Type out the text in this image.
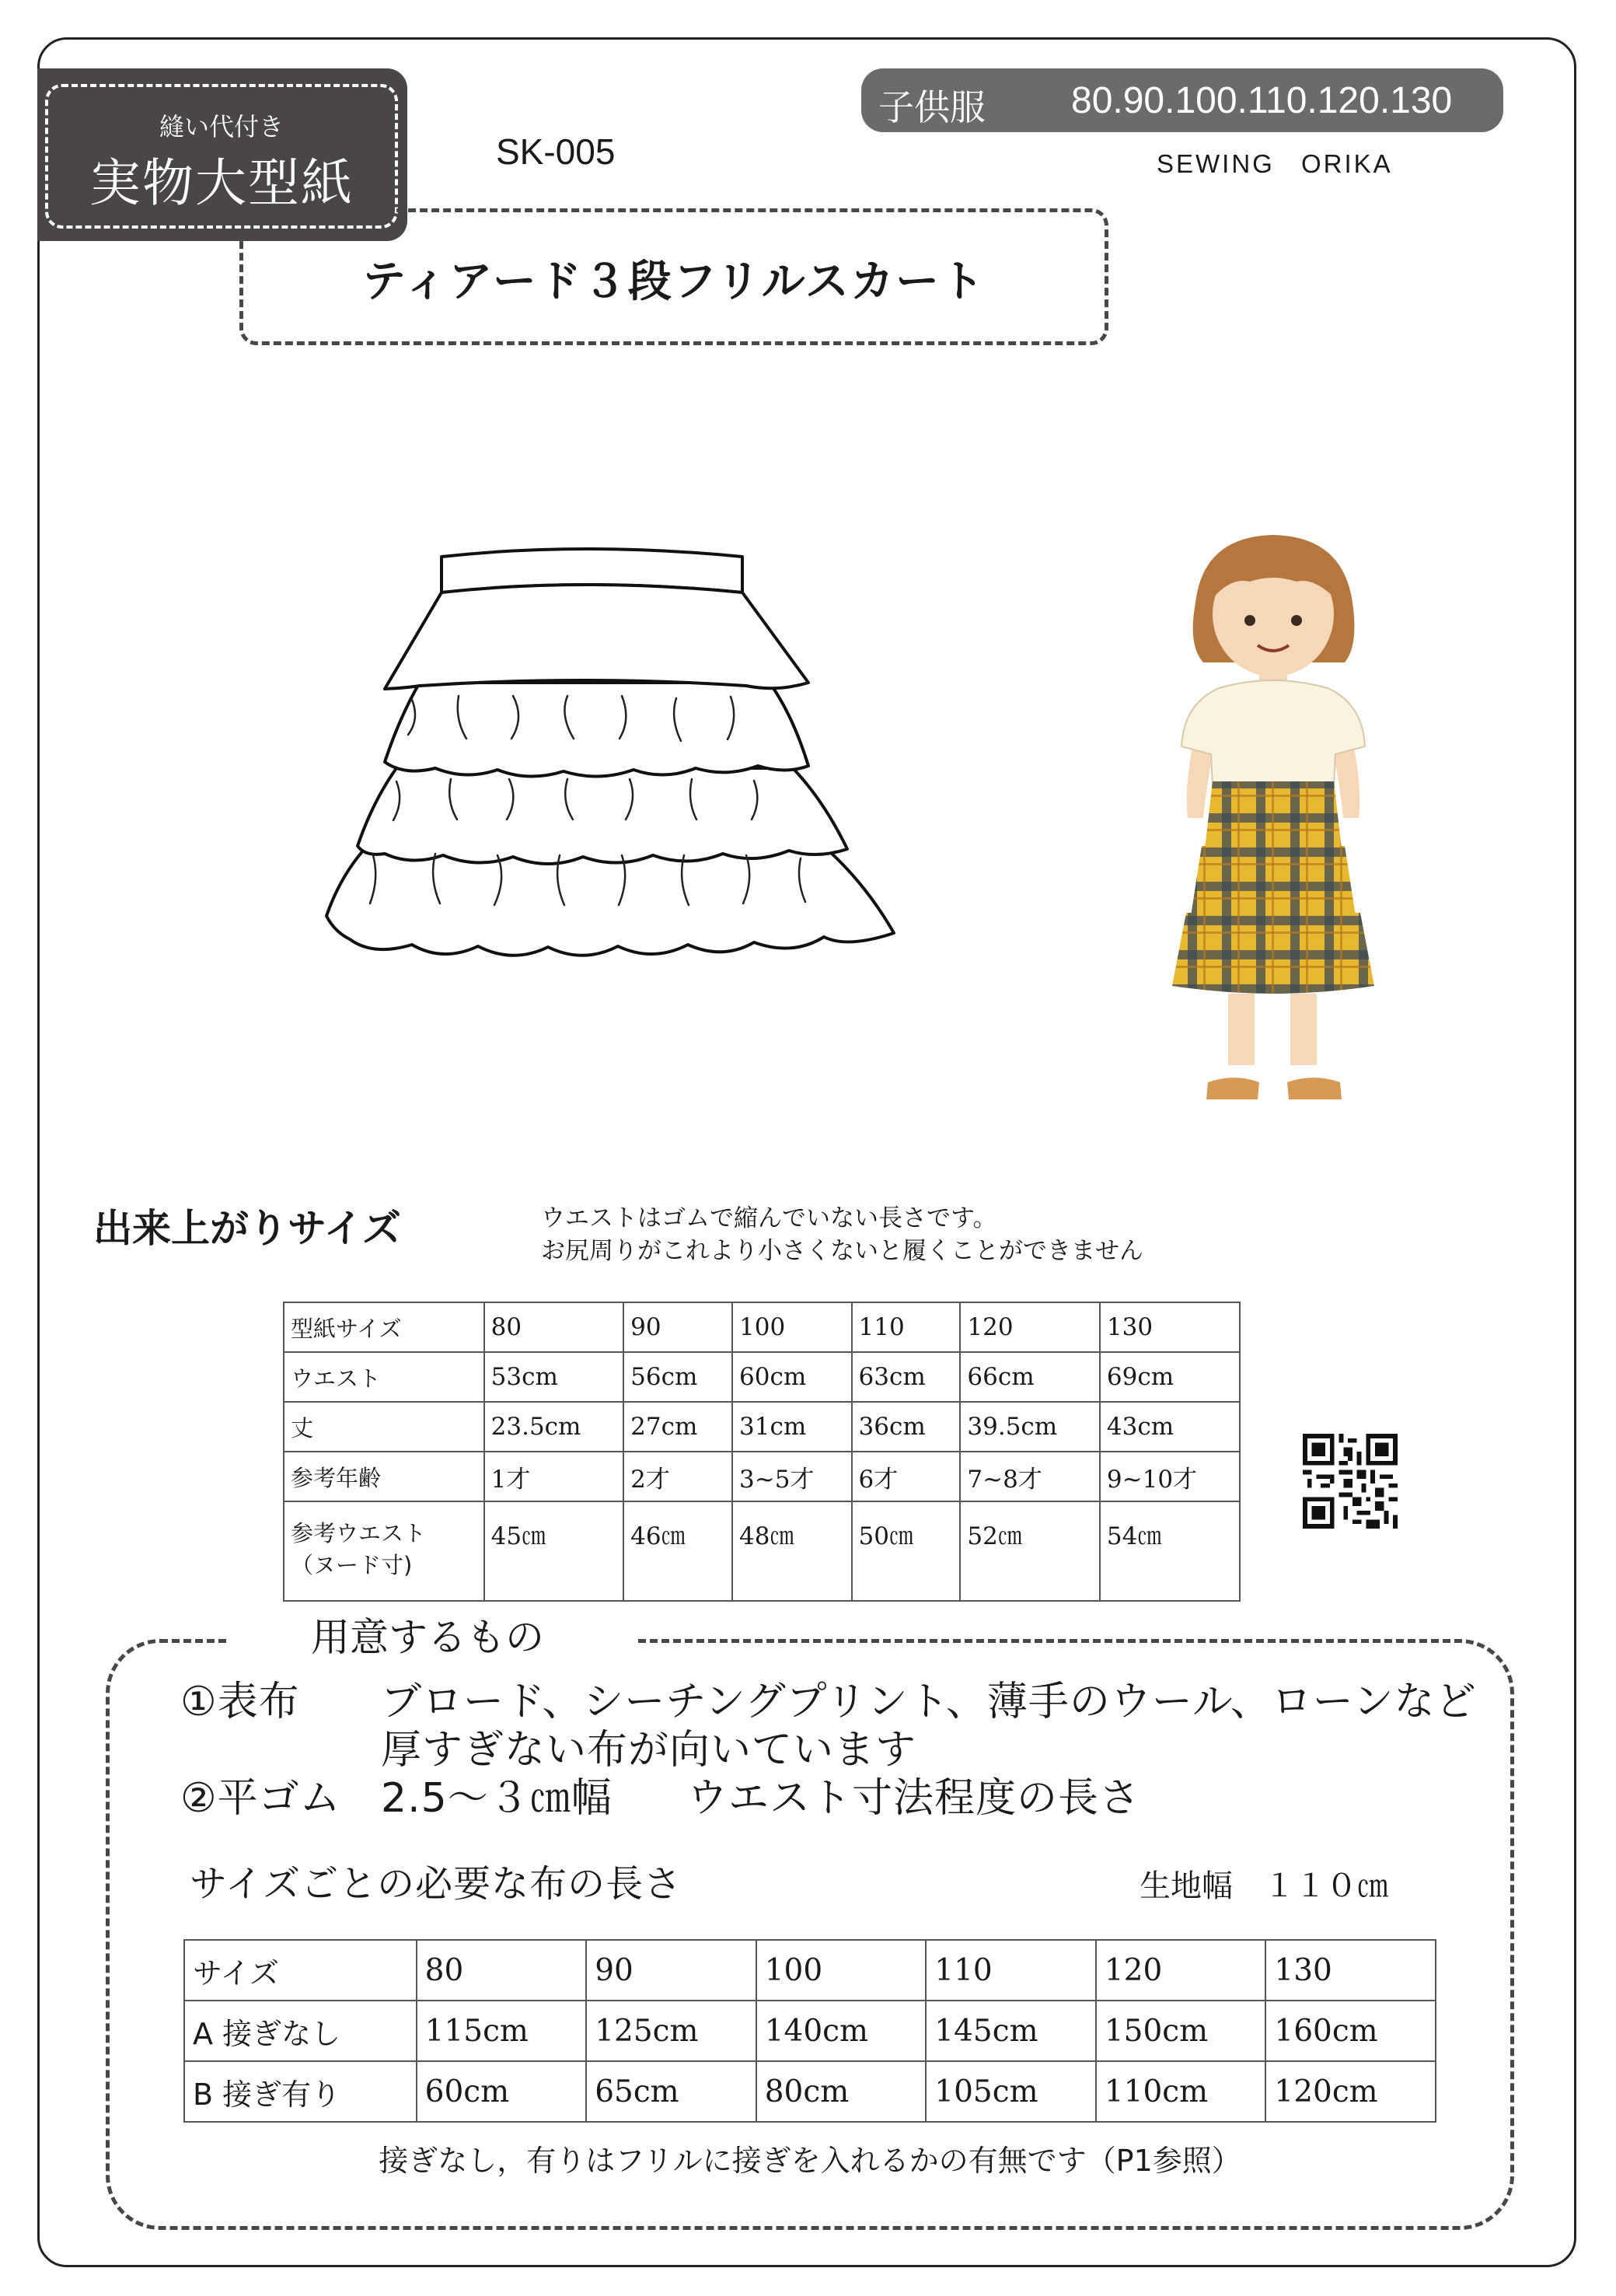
縫い代付き
実物大型紙
SK-005
子供服 80.90.100.110.120.130
SEWING ORIKA
ティアード３段フリルスカート
出来上がりサイズ	ウエストはゴムで縮んでいない長さです。
お尻周りがこれより小さくないと履くことができません
型紙サイズ	80	90	100	110	120	130
ウエスト	53cm	56cm	60cm	63cm	66cm	69cm
丈	23.5cm	27cm	31cm	36cm	39.5cm	43cm
参考年齢	1才	2才	3~5才	6才	7~8才	9~10才
参考ウエスト
（ヌード寸)	45㎝	46㎝	48㎝	50㎝	52㎝	54㎝
用意するもの
①表布 ブロード、シーチングプリント、薄手のウール、ローンなど
厚すぎない布が向いています
②平ゴム 2.5～３㎝幅 ウエスト寸法程度の長さ
サイズごとの必要な布の長さ	生地幅　１１０㎝
サイズ	80	90	100	110	120	130
A 接ぎなし	115cm	125cm	140cm	145cm	150cm	160cm
B 接ぎ有り	60cm	65cm	80cm	105cm	110cm	120cm
接ぎなし，有りはフリルに接ぎを入れるかの有無です（P1参照）
